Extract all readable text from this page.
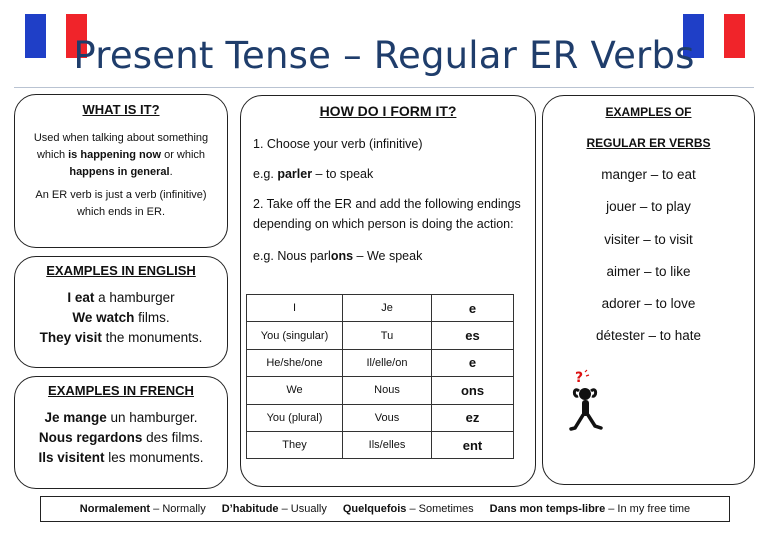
Present Tense – Regular ER Verbs
WHAT IS IT?

Used when talking about something which is happening now or which happens in general.

An ER verb is just a verb (infinitive) which ends in ER.

EXAMPLES IN ENGLISH
I eat a hamburger
We watch films.
They visit the monuments.
EXAMPLES IN FRENCH
Je mange un hamburger.
Nous regardons des films.
Ils visitent les monuments.
HOW DO I FORM IT?
1. Choose your verb (infinitive)
e.g. parler – to speak
2. Take off the ER and add the following endings depending on which person is doing the action:
e.g. Nous parlons – We speak
I	Je	e
You (singular)	Tu	es
He/she/one	Il/elle/on	e
We	Nous	ons
You (plural)	Vous	ez
They	Ils/elles	ent
EXAMPLES OF
REGULAR ER VERBS
manger – to eat
jouer – to play
visiter – to visit
aimer – to like
adorer – to love
détester – to hate
?
Normalement – Normally D’habitude – Usually Quelquefois – Sometimes Dans mon temps-libre – In my free time
